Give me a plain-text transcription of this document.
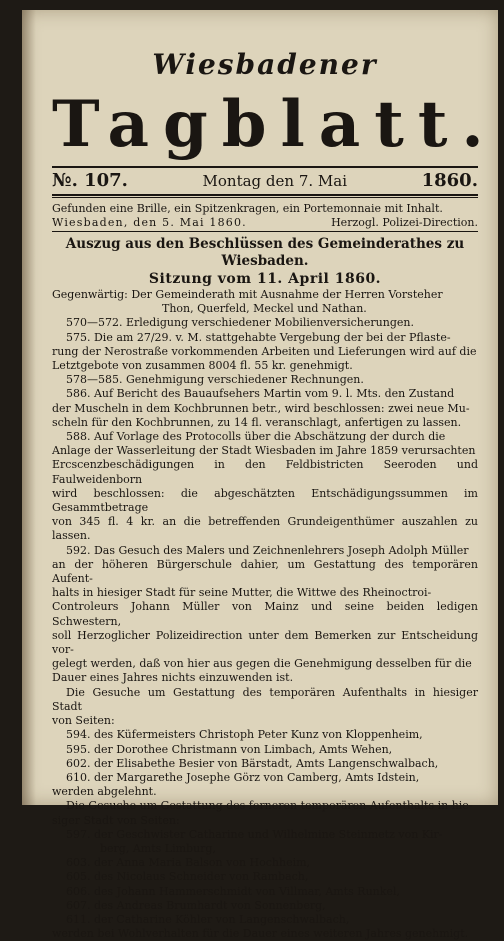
Wiesbadener
Tagblatt.
№. 107.	Montag den 7. Mai	1860.
Gefunden eine Brille, ein Spitzenkragen, ein Portemonnaie mit Inhalt.
Wiesbaden, den 5. Mai 1860.	Herzogl. Polizei-Direction.
Auszug aus den Beschlüssen des Gemeinderathes zu Wiesbaden.
Sitzung vom 11. April 1860.

Gegenwärtig: Der Gemeinderath mit Ausnahme der Herren Vorsteher

Thon, Querfeld, Meckel und Nathan.

570—572. Erledigung verschiedener Mobilienversicherungen.

575. Die am 27/29. v. M. stattgehabte Vergebung der bei der Pflaste-

rung der Nerostraße vorkommenden Arbeiten und Lieferungen wird auf die

Letztgebote von zusammen 8004 fl. 55 kr. genehmigt.

578—585. Genehmigung verschiedener Rechnungen.

586. Auf Bericht des Bauaufsehers Martin vom 9. l. Mts. den Zustand

der Muscheln in dem Kochbrunnen betr., wird beschlossen: zwei neue Mu-

scheln für den Kochbrunnen, zu 14 fl. veranschlagt, anfertigen zu lassen.

588. Auf Vorlage des Protocolls über die Abschätzung der durch die

Anlage der Wasserleitung der Stadt Wiesbaden im Jahre 1859 verursachten

Ercscenzbeschädigungen in den Feldbistricten Seeroden und Faulweidenborn

wird beschlossen: die abgeschätzten Entschädigungssummen im Gesammtbetrage

von 345 fl. 4 kr. an die betreffenden Grundeigenthümer auszahlen zu lassen.

592. Das Gesuch des Malers und Zeichnenlehrers Joseph Adolph Müller

an der höheren Bürgerschule dahier, um Gestattung des temporären Aufent-

halts in hiesiger Stadt für seine Mutter, die Wittwe des Rheinoctroi-

Controleurs Johann Müller von Mainz und seine beiden ledigen Schwestern,

soll Herzoglicher Polizeidirection unter dem Bemerken zur Entscheidung vor-

gelegt werden, daß von hier aus gegen die Genehmigung desselben für die

Dauer eines Jahres nichts einzuwenden ist.

Die Gesuche um Gestattung des temporären Aufenthalts in hiesiger Stadt

von Seiten:

594. des Küfermeisters Christoph Peter Kunz von Kloppenheim,

595. der Dorothee Christmann von Limbach, Amts Wehen,

602. der Elisabethe Besier von Bärstadt, Amts Langenschwalbach,

610. der Margarethe Josephe Görz von Camberg, Amts Idstein,

werden abgelehnt.

Die Gesuche um Gestattung des ferneren temporären Aufenthalts in hie-

siger Stadt von Seiten:

597. der Geschwister Catharine und Wilhelmine Steinmetz von Kir-

berg, Amts Limburg,

603. der Anna Maria Balson von Hochheim,

605. des Nicolaus Schneider von Rambach,

606. des Johann Hammerschmidt von Villmar, Amts Runkel,

607. des Andreas Brumhardt von Sonnenberg,

611. der Catharine Köhler von Langenschwalbach,

werden bei Wohlverhalten für die Dauer eines weiteren Jahres genehmigt.
